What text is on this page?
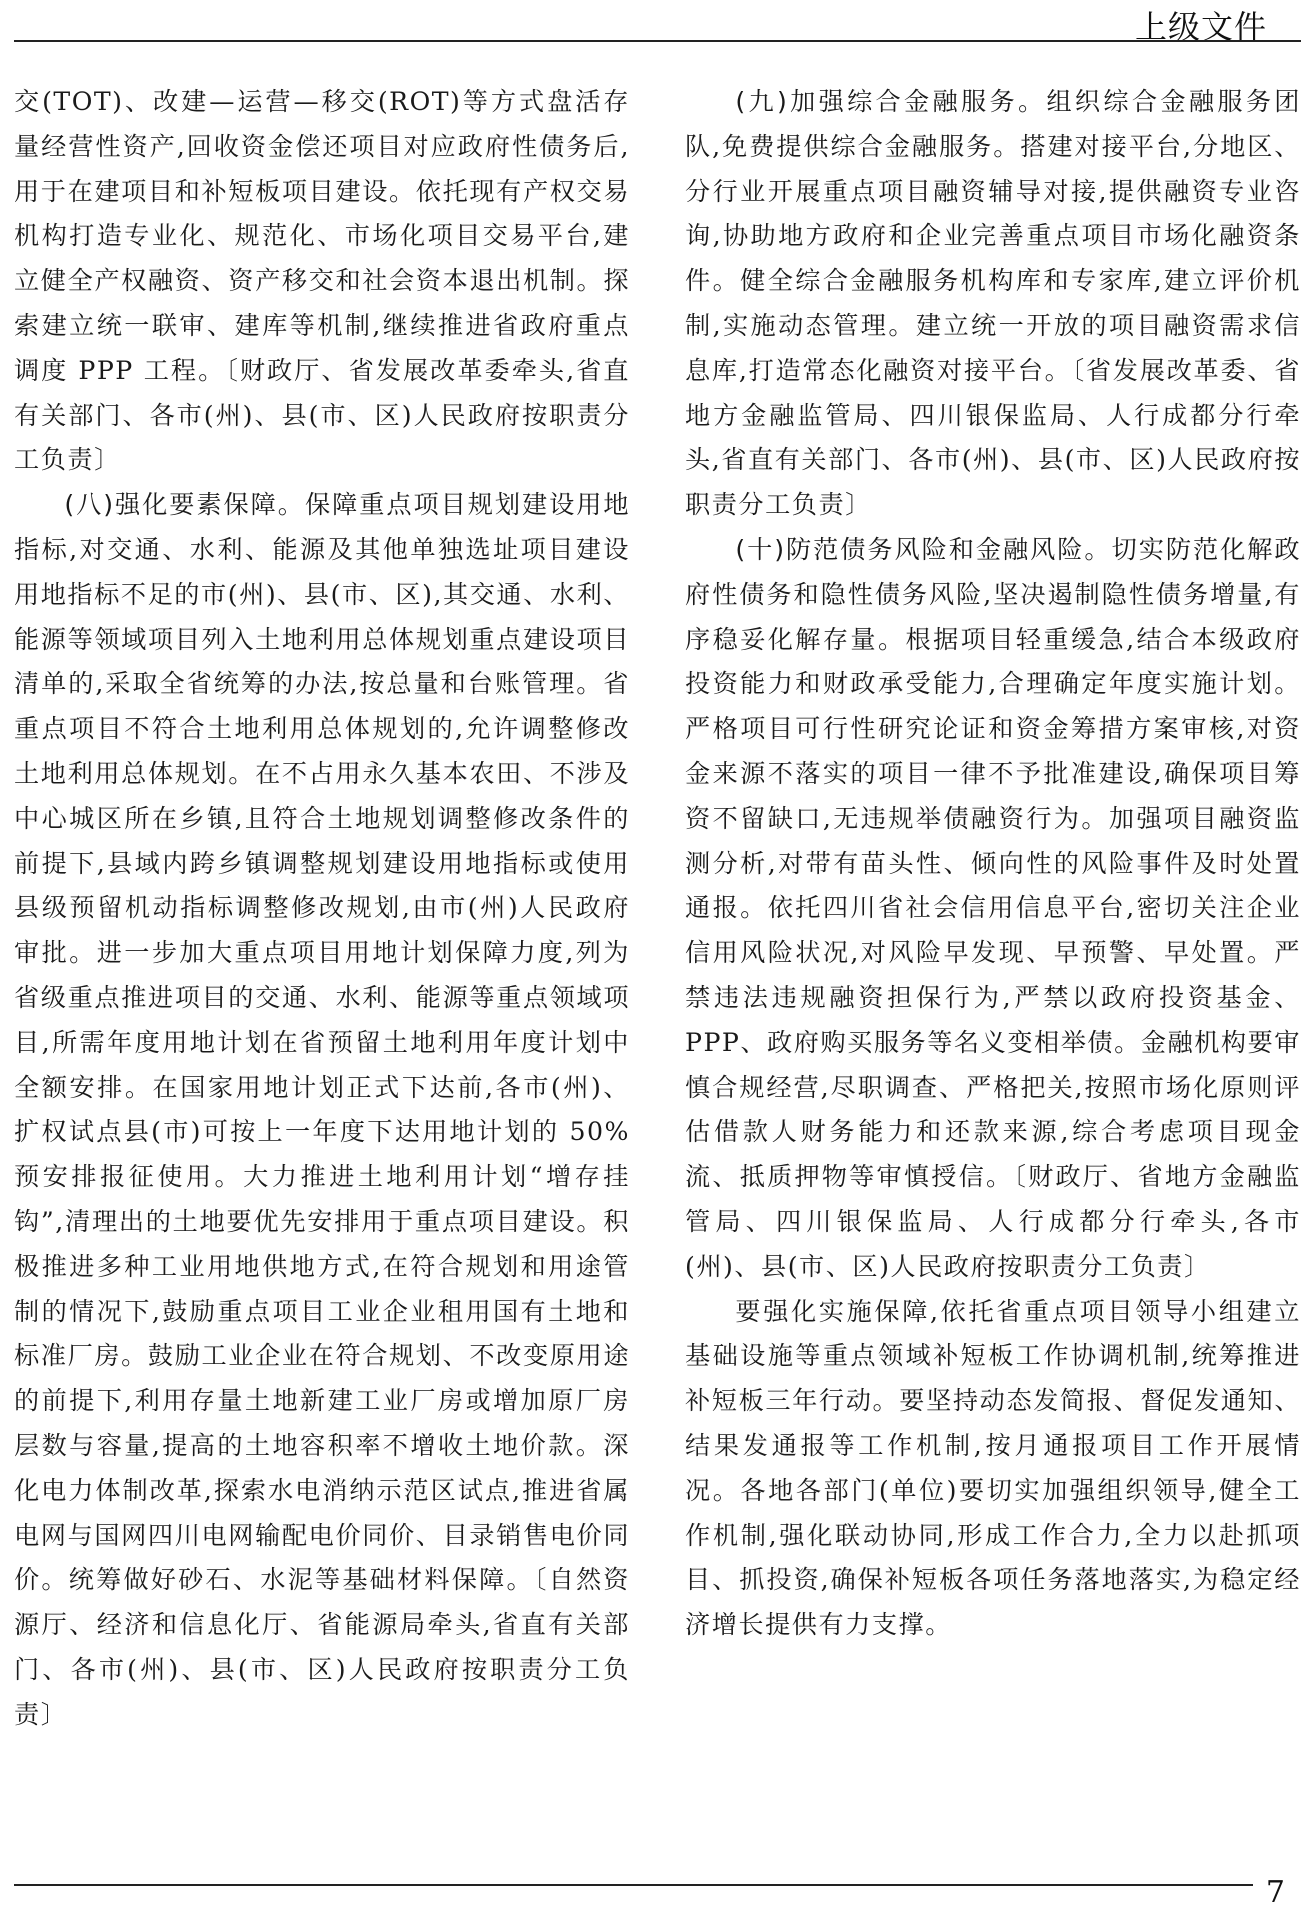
上级文件

交(TOT)、改建—运营—移交(ROT)等方式盘活存量经营性资产,回收资金偿还项目对应政府性债务后,用于在建项目和补短板项目建设。依托现有产权交易机构打造专业化、规范化、市场化项目交易平台,建立健全产权融资、资产移交和社会资本退出机制。探索建立统一联审、建库等机制,继续推进省政府重点调度 PPP 工程。〔财政厅、省发展改革委牵头,省直有关部门、各市(州)、县(市、区)人民政府按职责分工负责〕

(八)强化要素保障。保障重点项目规划建设用地指标,对交通、水利、能源及其他单独选址项目建设用地指标不足的市(州)、县(市、区),其交通、水利、能源等领域项目列入土地利用总体规划重点建设项目清单的,采取全省统筹的办法,按总量和台账管理。省重点项目不符合土地利用总体规划的,允许调整修改土地利用总体规划。在不占用永久基本农田、不涉及中心城区所在乡镇,且符合土地规划调整修改条件的前提下,县域内跨乡镇调整规划建设用地指标或使用县级预留机动指标调整修改规划,由市(州)人民政府审批。进一步加大重点项目用地计划保障力度,列为省级重点推进项目的交通、水利、能源等重点领域项目,所需年度用地计划在省预留土地利用年度计划中全额安排。在国家用地计划正式下达前,各市(州)、扩权试点县(市)可按上一年度下达用地计划的 50% 预安排报征使用。大力推进土地利用计划“增存挂钩”,清理出的土地要优先安排用于重点项目建设。积极推进多种工业用地供地方式,在符合规划和用途管制的情况下,鼓励重点项目工业企业租用国有土地和标准厂房。鼓励工业企业在符合规划、不改变原用途的前提下,利用存量土地新建工业厂房或增加原厂房层数与容量,提高的土地容积率不增收土地价款。深化电力体制改革,探索水电消纳示范区试点,推进省属电网与国网四川电网输配电价同价、目录销售电价同价。统筹做好砂石、水泥等基础材料保障。〔自然资源厅、经济和信息化厅、省能源局牵头,省直有关部门、各市(州)、县(市、区)人民政府按职责分工负责〕

(九)加强综合金融服务。组织综合金融服务团队,免费提供综合金融服务。搭建对接平台,分地区、分行业开展重点项目融资辅导对接,提供融资专业咨询,协助地方政府和企业完善重点项目市场化融资条件。健全综合金融服务机构库和专家库,建立评价机制,实施动态管理。建立统一开放的项目融资需求信息库,打造常态化融资对接平台。〔省发展改革委、省地方金融监管局、四川银保监局、人行成都分行牵头,省直有关部门、各市(州)、县(市、区)人民政府按职责分工负责〕

(十)防范债务风险和金融风险。切实防范化解政府性债务和隐性债务风险,坚决遏制隐性债务增量,有序稳妥化解存量。根据项目轻重缓急,结合本级政府投资能力和财政承受能力,合理确定年度实施计划。严格项目可行性研究论证和资金筹措方案审核,对资金来源不落实的项目一律不予批准建设,确保项目筹资不留缺口,无违规举债融资行为。加强项目融资监测分析,对带有苗头性、倾向性的风险事件及时处置通报。依托四川省社会信用信息平台,密切关注企业信用风险状况,对风险早发现、早预警、早处置。严禁违法违规融资担保行为,严禁以政府投资基金、PPP、政府购买服务等名义变相举债。金融机构要审慎合规经营,尽职调查、严格把关,按照市场化原则评估借款人财务能力和还款来源,综合考虑项目现金流、抵质押物等审慎授信。〔财政厅、省地方金融监管局、四川银保监局、人行成都分行牵头,各市(州)、县(市、区)人民政府按职责分工负责〕

要强化实施保障,依托省重点项目领导小组建立基础设施等重点领域补短板工作协调机制,统筹推进补短板三年行动。要坚持动态发简报、督促发通知、结果发通报等工作机制,按月通报项目工作开展情况。各地各部门(单位)要切实加强组织领导,健全工作机制,强化联动协同,形成工作合力,全力以赴抓项目、抓投资,确保补短板各项任务落地落实,为稳定经济增长提供有力支撑。

7
